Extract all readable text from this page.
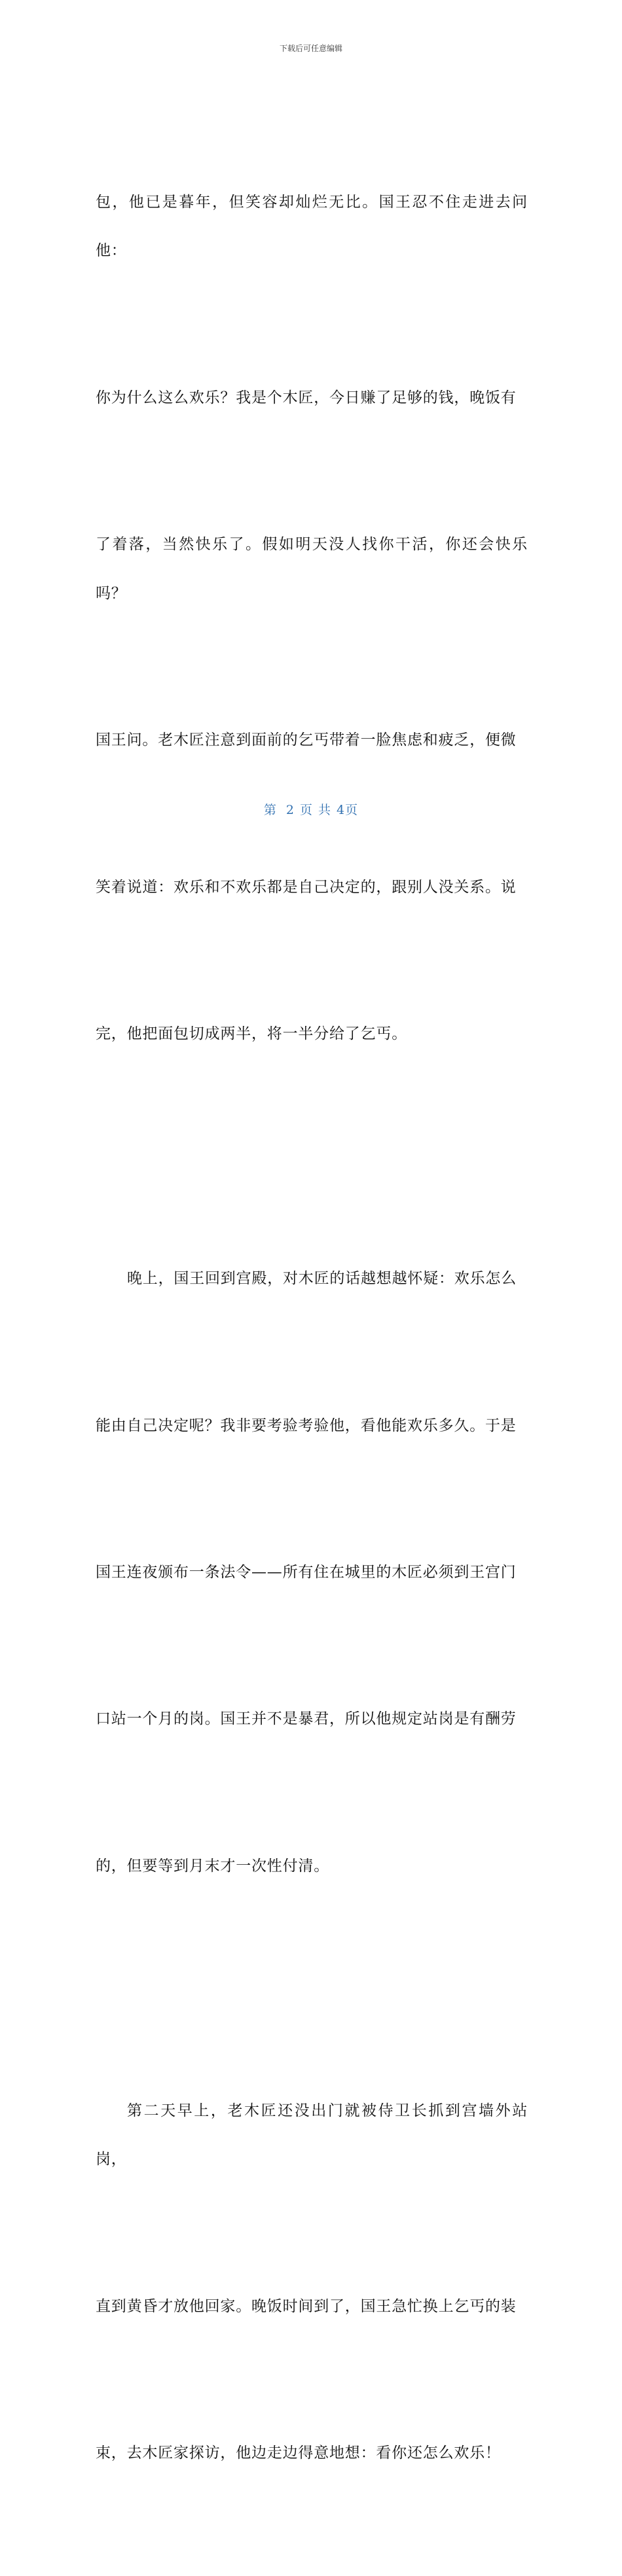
下载后可任意编辑

包，他已是暮年，但笑容却灿烂无比。国王忍不住走进去问他：

你为什么这么欢乐？我是个木匠，今日赚了足够的钱，晚饭有

了着落，当然快乐了。假如明天没人找你干活，你还会快乐吗？

国王问。老木匠注意到面前的乞丐带着一脸焦虑和疲乏，便微

笑着说道：欢乐和不欢乐都是自己决定的，跟别人没关系。说

完，他把面包切成两半，将一半分给了乞丐。

晚上，国王回到宫殿，对木匠的话越想越怀疑：欢乐怎么

能由自己决定呢？我非要考验考验他，看他能欢乐多久。于是

国王连夜颁布一条法令——所有住在城里的木匠必须到王宫门

口站一个月的岗。国王并不是暴君，所以他规定站岗是有酬劳

的，但要等到月末才一次性付清。

第二天早上，老木匠还没出门就被侍卫长抓到宫墙外站岗，

直到黄昏才放他回家。晚饭时间到了，国王急忙换上乞丐的装

束，去木匠家探访，他边走边得意地想：看你还怎么欢乐！

第 2 页 共 4页
